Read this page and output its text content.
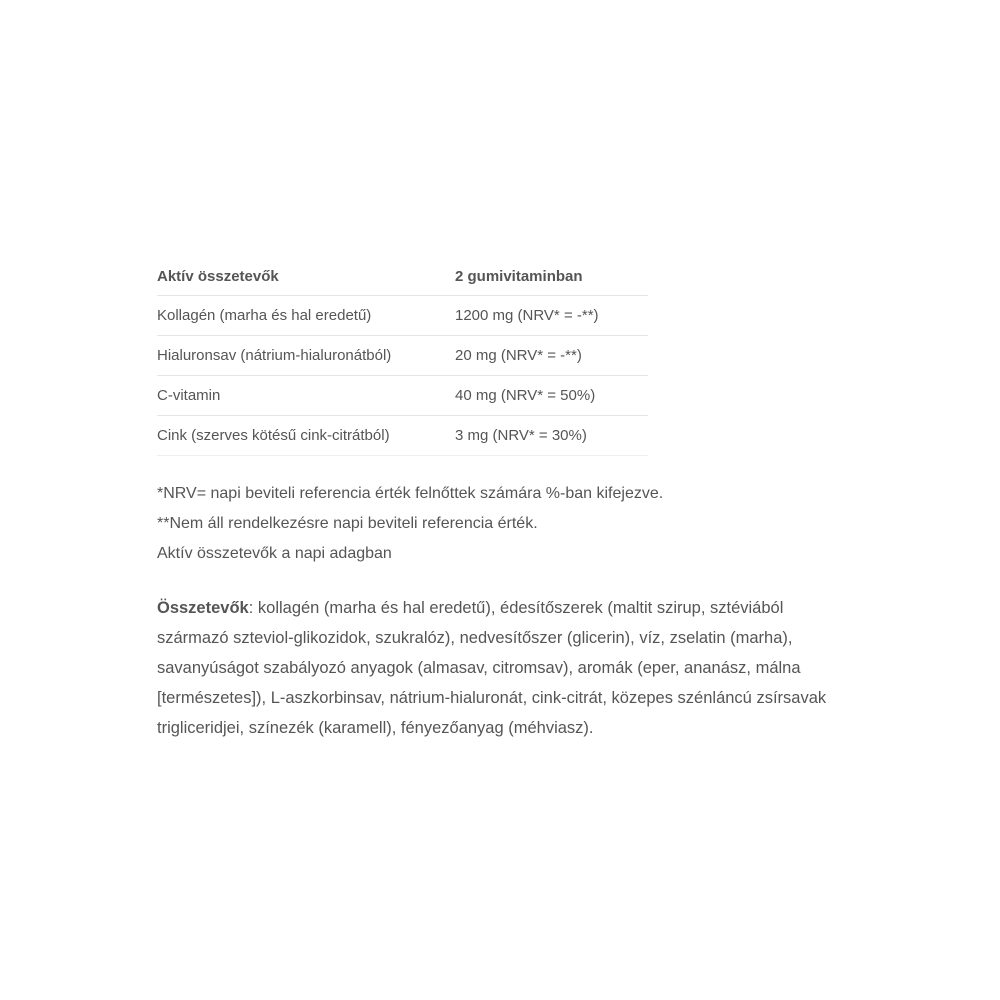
Aktív összetevők	2 gumivitaminban
Kollagén (marha és hal eredetű)	1200 mg (NRV* = -**)
Hialuronsav (nátrium-hialuronátból)	20 mg (NRV* = -**)
C-vitamin	40 mg (NRV* = 50%)
Cink (szerves kötésű cink-citrátból)	3 mg (NRV* = 30%)
*NRV= napi beviteli referencia érték felnőttek számára %-ban kifejezve.
**Nem áll rendelkezésre napi beviteli referencia érték.
Aktív összetevők a napi adagban
Összetevők: kollagén (marha és hal eredetű), édesítőszerek (maltit szirup, sztéviából származó szteviol-glikozidok, szukralóz), nedvesítőszer (glicerin), víz, zselatin (marha), savanyúságot szabályozó anyagok (almasav, citromsav), aromák (eper, ananász, málna [természetes]), L-aszkorbinsav, nátrium-hialuronát, cink-citrát, közepes szénláncú zsírsavak trigliceridjei, színezék (karamell), fényezőanyag (méhviasz).
